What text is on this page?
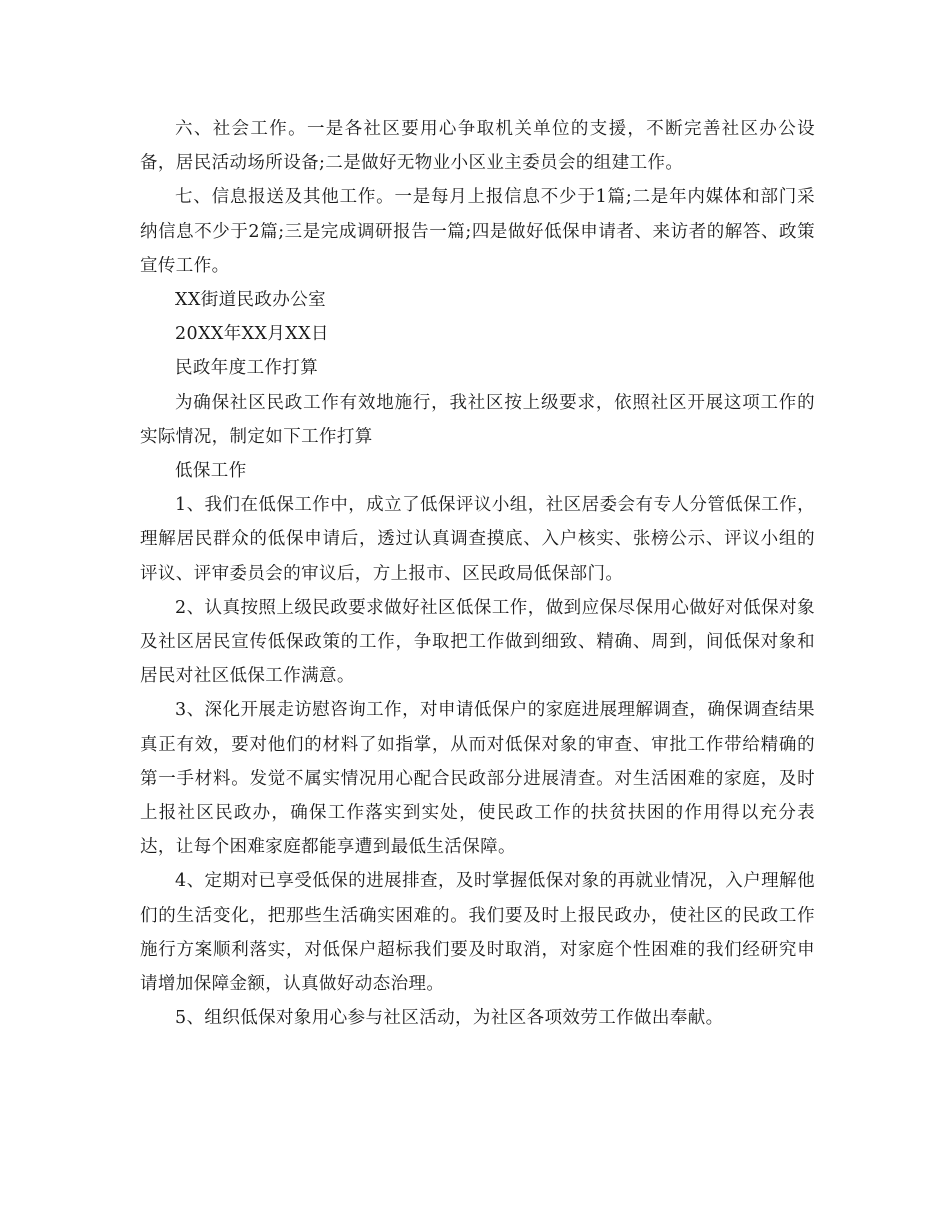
六、社会工作。一是各社区要用心争取机关单位的支援，不断完善社区办公设备，居民活动场所设备;二是做好无物业小区业主委员会的组建工作。

七、信息报送及其他工作。一是每月上报信息不少于1篇;二是年内媒体和部门采纳信息不少于2篇;三是完成调研报告一篇;四是做好低保申请者、来访者的解答、政策宣传工作。

XX街道民政办公室

20XX年XX月XX日

民政年度工作打算

为确保社区民政工作有效地施行，我社区按上级要求，依照社区开展这项工作的实际情况，制定如下工作打算

低保工作

1、我们在低保工作中，成立了低保评议小组，社区居委会有专人分管低保工作，理解居民群众的低保申请后，透过认真调查摸底、入户核实、张榜公示、评议小组的评议、评审委员会的审议后，方上报市、区民政局低保部门。

2、认真按照上级民政要求做好社区低保工作，做到应保尽保用心做好对低保对象及社区居民宣传低保政策的工作，争取把工作做到细致、精确、周到，间低保对象和居民对社区低保工作满意。

3、深化开展走访慰咨询工作，对申请低保户的家庭进展理解调查，确保调查结果真正有效，要对他们的材料了如指掌，从而对低保对象的审查、审批工作带给精确的第一手材料。发觉不属实情况用心配合民政部分进展清查。对生活困难的家庭，及时上报社区民政办，确保工作落实到实处，使民政工作的扶贫扶困的作用得以充分表达，让每个困难家庭都能享遭到最低生活保障。

4、定期对已享受低保的进展排查，及时掌握低保对象的再就业情况，入户理解他们的生活变化，把那些生活确实困难的。我们要及时上报民政办，使社区的民政工作施行方案顺利落实，对低保户超标我们要及时取消，对家庭个性困难的我们经研究申请增加保障金额，认真做好动态治理。

5、组织低保对象用心参与社区活动，为社区各项效劳工作做出奉献。
